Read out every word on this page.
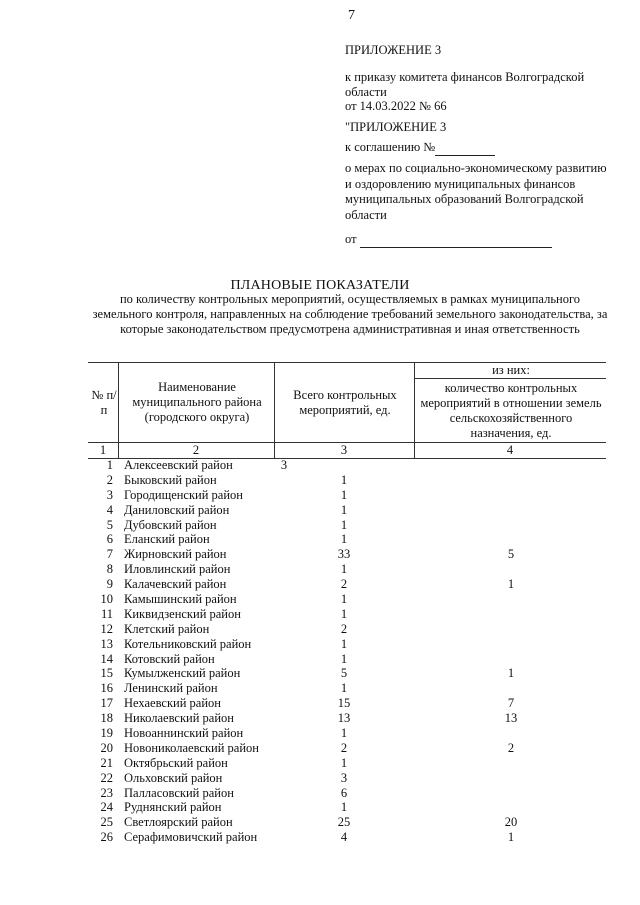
7
ПРИЛОЖЕНИЕ 3
к приказу комитета финансов Волгоградской области
от 14.03.2022 № 66
"ПРИЛОЖЕНИЕ 3
к соглашению №
о мерах по социально-экономическому развитию и оздоровлению муниципальных финансов муниципальных образований Волгоградской области
от
ПЛАНОВЫЕ ПОКАЗАТЕЛИ
по количеству контрольных мероприятий, осуществляемых в рамках муниципального земельного контроля, направленных на соблюдение требований земельного законодательства, за которые законодательством предусмотрена административная и иная ответственность
№ п/п
Наименование муниципального района (городского округа)
Всего контрольных мероприятий, ед.
из них:
количество контрольных мероприятий в отношении земель сельскохозяйственного назначения, ед.
1	2	3	4
1 Алексеевский район	3
2 Быковский район	1
3 Городищенский район	1
4 Даниловский район	1
5 Дубовский район	1
6 Еланский район	1
7 Жирновский район	33	5
8 Иловлинский район	1
9 Калачевский район	2	1
10 Камышинский район	1
11 Киквидзенский район	1
12 Клетский район	2
13 Котельниковский район	1
14 Котовский район	1
15 Кумылженский район	5	1
16 Ленинский район	1
17 Нехаевский район	15	7
18 Николаевский район	13	13
19 Новоаннинский район	1
20 Новониколаевский район	2	2
21 Октябрьский район	1
22 Ольховский район	3
23 Палласовский район	6
24 Руднянский район	1
25 Светлоярский район	25	20
26 Серафимовичский район	4	1
